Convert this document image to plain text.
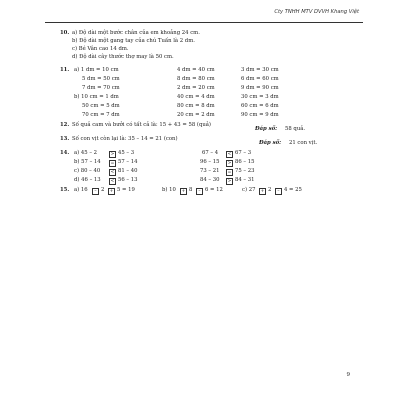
Cty TNHH MTV DVVH Khang Việt
10. a) Độ dài một bước chân của em khoảng 24 cm.
b) Độ dài một gang tay của chú Tuấn là 2 dm.
c) Bé Vân cao 14 dm.
d) Độ dài cây thước thợ may là 50 cm.
11. a) 1 dm = 10 cm	4 dm = 40 cm	3 dm = 30 cm
5 dm = 50 cm	8 dm = 80 cm	6 dm = 60 cm
7 dm = 70 cm	2 dm = 20 cm	9 dm = 90 cm
b) 10 cm = 1 dm	40 cm = 4 dm	30 cm = 3 dm
50 cm = 5 dm	80 cm = 8 dm	60 cm = 6 dm
70 cm = 7 dm	20 cm = 2 dm	90 cm = 9 dm
12. Số quả cam và bưởi có tất cả là: 15 + 43 = 58 (quả)
Đáp số: 58 quả.
13. Số con vịt còn lại là: 35 – 14 = 21 (con)
Đáp số: 21 con vịt.
14. a) 45 – 2	> 45 – 3	67 – 4	< 67 – 3
b) 57 – 14	= 57 – 14	96 – 15	> 86 – 15
c) 80 – 40	< 81 – 40	73 – 21	= 75 – 23
d) 46 – 13	< 56 – 13	84 – 30	> 84 – 31
15. a) 16	– 2	+ 5 = 19	b) 10	+ 8	– 6 = 12	c) 27	+ 2	– 4 = 25
9
